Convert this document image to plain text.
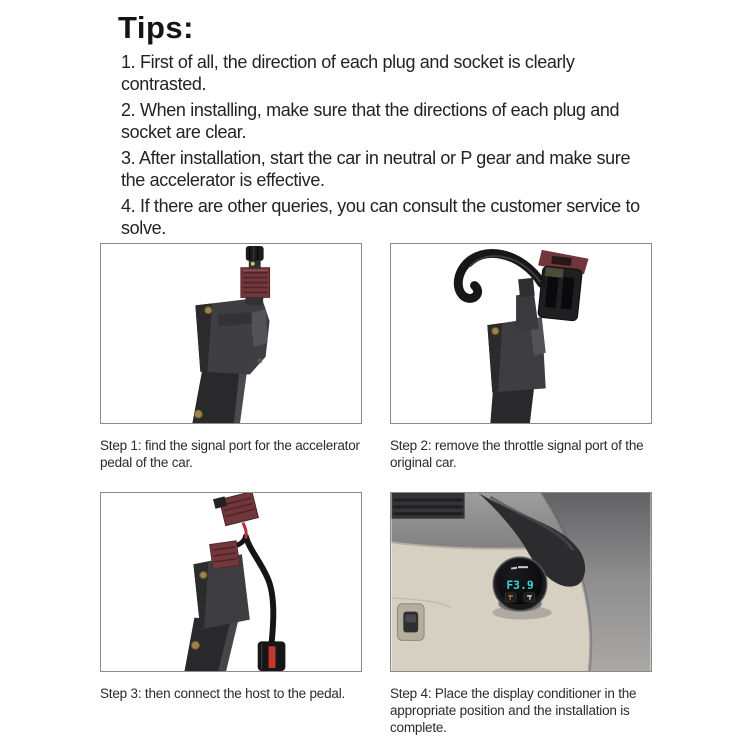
Tips:

1. First of all, the direction of each plug and socket is clearly contrasted.

2. When installing, make sure that the directions of each plug and socket are clear.

3. After installation, start the car in neutral or P gear and make sure the accelerator is effective.

4. If there are other queries, you can consult the customer service to solve.

Step 1: find the signal port for the accelerator pedal of the car.
Step 2: remove the throttle signal port of the original car.
Step 3: then connect the host to the pedal.
F3.9
Step 4: Place the display conditioner in the appropriate position and the installation is complete.
